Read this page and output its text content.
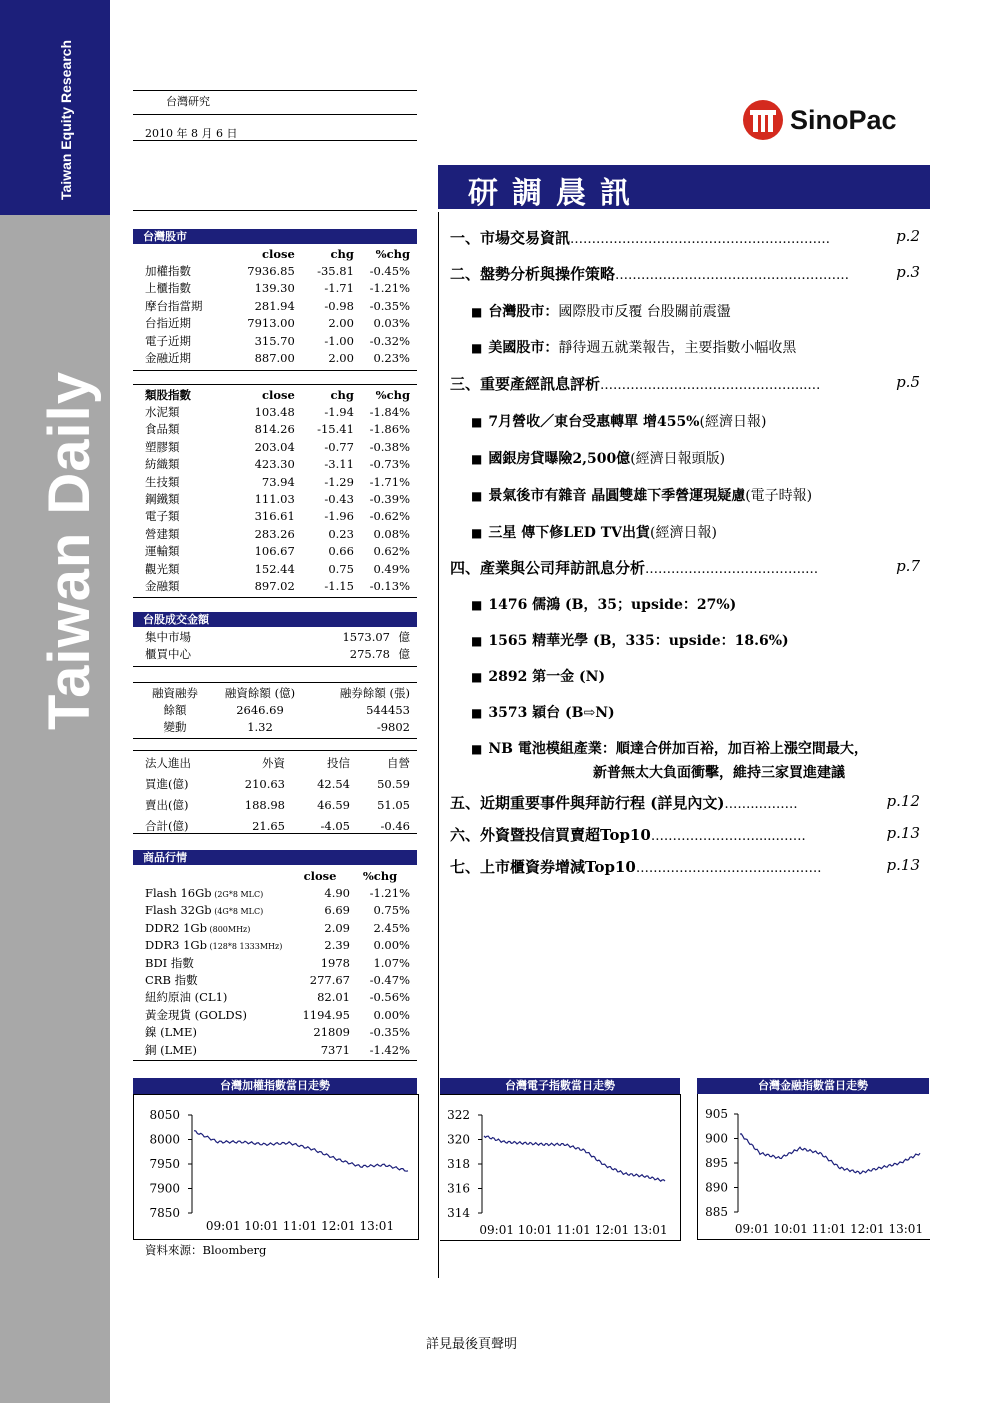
Taiwan Equity Research
Taiwan Daily
台灣研究
2010 年 8 月 6 日	SinoPac
研調晨訊
台灣股市
	close	chg	%chg
加權指數	7936.85	-35.81	-0.45%
上櫃指數	139.30	-1.71	-1.21%
摩台指當期	281.94	-0.98	-0.35%
台指近期	7913.00	2.00	0.03%
電子近期	315.70	-1.00	-0.32%
金融近期	887.00	2.00	0.23%
類股指數	close	chg	%chg
水泥類	103.48	-1.94	-1.84%
食品類	814.26	-15.41	-1.86%
塑膠類	203.04	-0.77	-0.38%
紡織類	423.30	-3.11	-0.73%
生技類	73.94	-1.29	-1.71%
鋼鐵類	111.03	-0.43	-0.39%
電子類	316.61	-1.96	-0.62%
營建類	283.26	0.23	0.08%
運輸類	106.67	0.66	0.62%
觀光類	152.44	0.75	0.49%
金融類	897.02	-1.15	-0.13%
台股成交金額
集中市場	1573.07	億
櫃買中心	275.78	億
融資融券	融資餘額 (億)	融券餘額 (張)
餘額	2646.69	544453
變動	1.32	-9802
法人進出	外資	投信	自營
買進(億)	210.63	42.54	50.59
賣出(億)	188.98	46.59	51.05
合計(億)	21.65	-4.05	-0.46
商品行情
	close	%chg
Flash 16Gb (2G*8 MLC)	4.90	-1.21%
Flash 32Gb (4G*8 MLC)	6.69	0.75%
DDR2 1Gb (800MHz)	2.09	2.45%
DDR3 1Gb (128*8 1333MHz)	2.39	0.00%
BDI 指數	1978	1.07%
CRB 指數	277.67	-0.47%
紐約原油 (CL1)	82.01	-0.56%
黃金現貨 (GOLDS)	1194.95	0.00%
鎳 (LME)	21809	-0.35%
銅 (LME)	7371	-1.42%
一、市場交易資訊……………………………………………………	p.2
二、盤勢分析與操作策略………………………………………………	p.3
■ 台灣股市：國際股市反覆 台股關前震盪
■ 美國股市：靜待週五就業報告，主要指數小幅收黑
三、重要產經訊息評析………………………………………...…	p.5
■ 7月營收／東台受惠轉單 增455%(經濟日報)
■ 國銀房貸曝險2,500億(經濟日報頭版)
■ 景氣後市有雜音 晶圓雙雄下季營運現疑慮(電子時報)
■ 三星 傳下修LED TV出貨(經濟日報)
四、產業與公司拜訪訊息分析……………………………….…	p.7
■ 1476 儒鴻 (B，35；upside：27%)
■ 1565 精華光學 (B，335：upside：18.6%)
■ 2892 第一金 (N)
■ 3573 穎台 (B⇨N)
■ NB 電池模組產業：順達合併加百裕，加百裕上漲空間最大，
新普無太大負面衝擊，維持三家買進建議
五、近期重要事件與拜訪行程 (詳見內文)……..………	p.12
六、外資暨投信買賣超Top10…………………….....…….	p.13
七、上市櫃資券增減Top10…………………………...……….	p.13
台灣加權指數當日走勢
7850
7900
7950
8000
8050
09:01 10:01 11:01 12:01 13:01
資料來源：Bloomberg
台灣電子指數當日走勢
314
316
318
320
322
09:01 10:01 11:01 12:01 13:01
台灣金融指數當日走勢
885
890
895
900
905
09:01 10:01 11:01 12:01 13:01
詳見最後頁聲明
